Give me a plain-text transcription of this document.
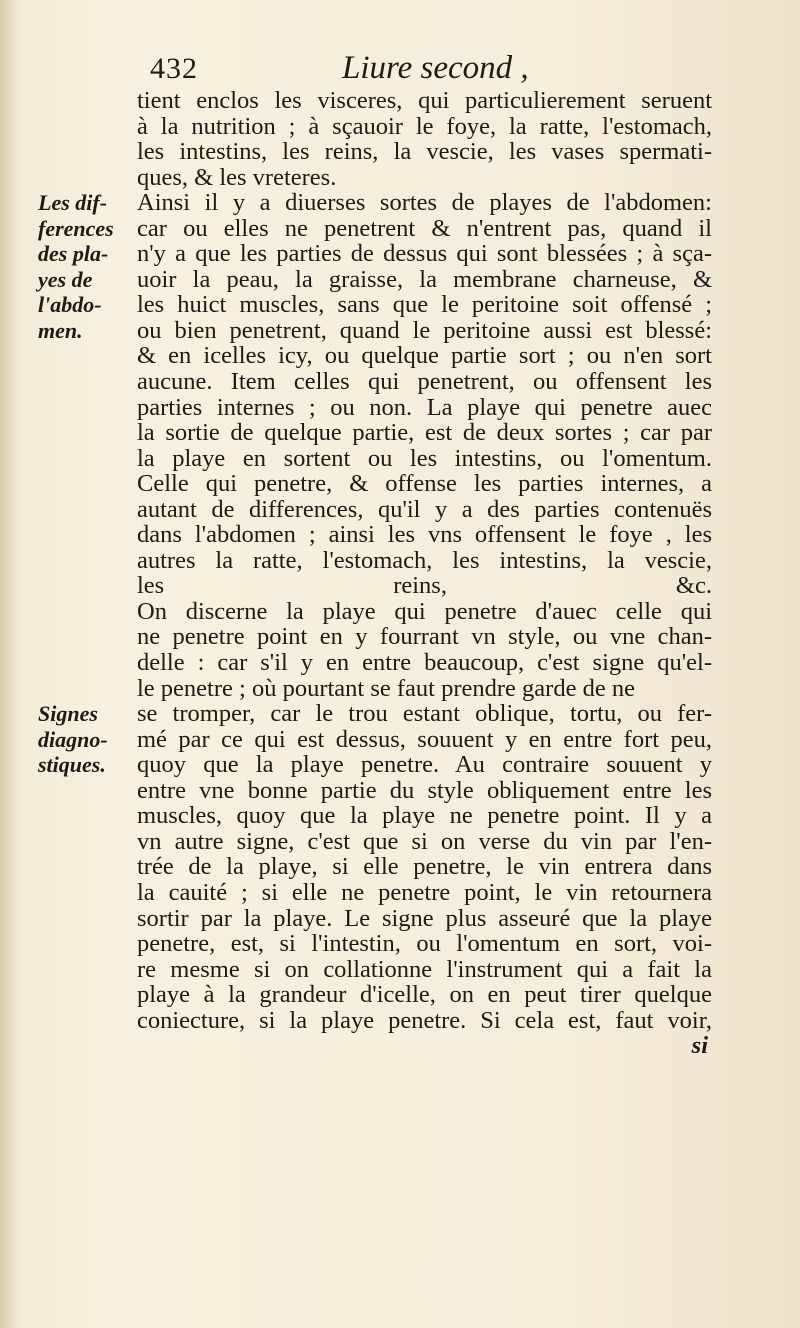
432	Liure second ,
Les dif-
ferences
des pla-
yes de
l'abdo-
men.
Signes
diagno-
stiques.
tient enclos les visceres, qui particulierement seruent
à la nutrition ; à sçauoir le foye, la ratte, l'estomach,
les intestins, les reins, la vescie, les vases spermati-
ques, & les vreteres.
Ainsi il y a diuerses sortes de playes de l'abdomen:
car ou elles ne penetrent & n'entrent pas, quand il
n'y a que les parties de dessus qui sont blessées ; à sça-
uoir la peau, la graisse, la membrane charneuse, &
les huict muscles, sans que le peritoine soit offensé ;
ou bien penetrent, quand le peritoine aussi est blessé:
& en icelles icy, ou quelque partie sort ; ou n'en sort
aucune. Item celles qui penetrent, ou offensent les
parties internes ; ou non. La playe qui penetre auec
la sortie de quelque partie, est de deux sortes ; car par
la playe en sortent ou les intestins, ou l'omentum.
Celle qui penetre, & offense les parties internes, a
autant de differences, qu'il y a des parties contenuës
dans l'abdomen ; ainsi les vns offensent le foye , les
autres la ratte, l'estomach, les intestins, la vescie,
les reins, &c.
On discerne la playe qui penetre d'auec celle qui
ne penetre point en y fourrant vn style, ou vne chan-
delle : car s'il y en entre beaucoup, c'est signe qu'el-
le penetre ; où pourtant se faut prendre garde de ne
se tromper, car le trou estant oblique, tortu, ou fer-
mé par ce qui est dessus, souuent y en entre fort peu,
quoy que la playe penetre. Au contraire souuent y
entre vne bonne partie du style obliquement entre les
muscles, quoy que la playe ne penetre point. Il y a
vn autre signe, c'est que si on verse du vin par l'en-
trée de la playe, si elle penetre, le vin entrera dans
la cauité ; si elle ne penetre point, le vin retournera
sortir par la playe. Le signe plus asseuré que la playe
penetre, est, si l'intestin, ou l'omentum en sort, voi-
re mesme si on collationne l'instrument qui a fait la
playe à la grandeur d'icelle, on en peut tirer quelque
coniecture, si la playe penetre. Si cela est, faut voir,
si
